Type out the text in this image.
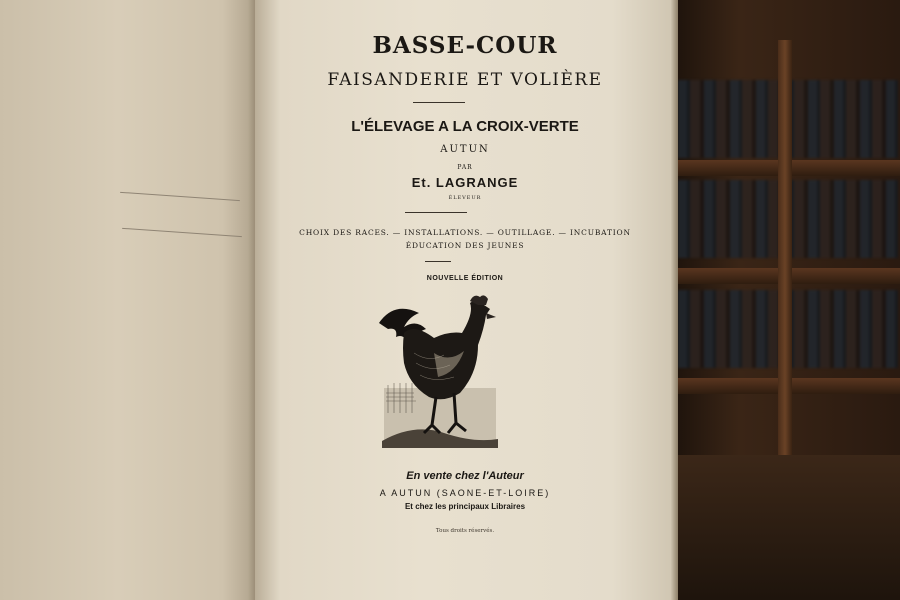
BASSE-COUR
FAISANDERIE ET VOLIÈRE
L'ÉLEVAGE A LA CROIX-VERTE
AUTUN
PAR
Et. LAGRANGE
ÉLEVEUR
CHOIX DES RACES. — INSTALLATIONS. — OUTILLAGE. — INCUBATION
ÉDUCATION DES JEUNES
NOUVELLE ÉDITION
En vente chez l'Auteur
A AUTUN (SAONE-ET-LOIRE)
Et chez les principaux Libraires
Tous droits réservés.
